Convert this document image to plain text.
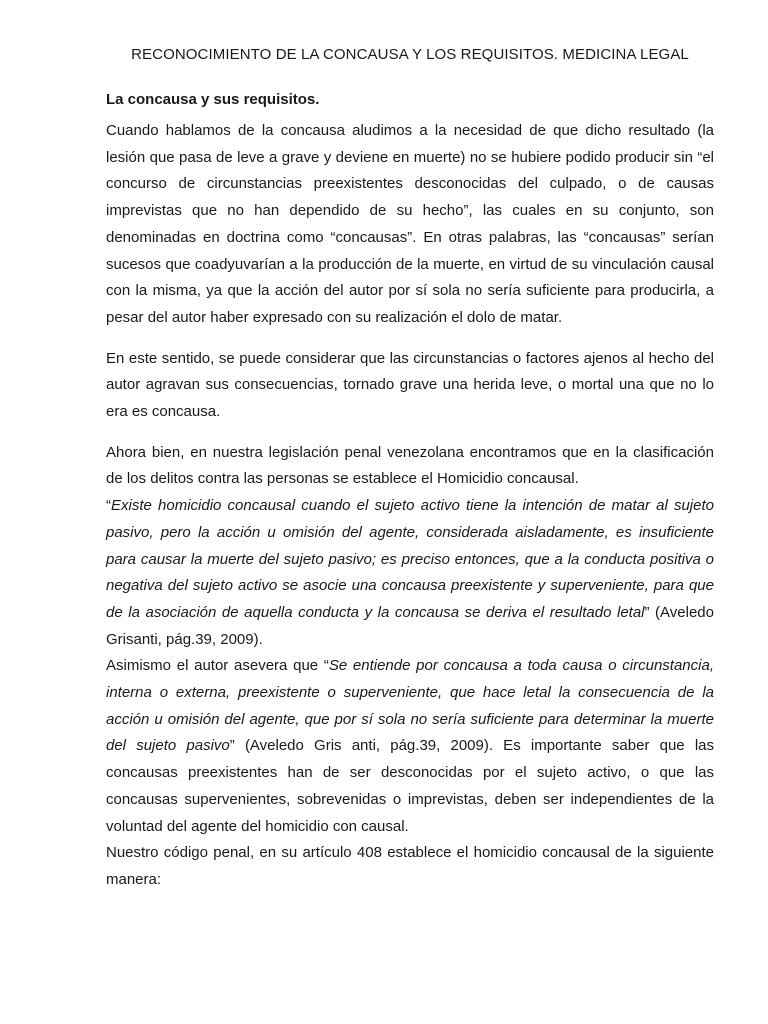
RECONOCIMIENTO DE LA CONCAUSA Y LOS REQUISITOS. MEDICINA LEGAL
La concausa y sus requisitos.

Cuando hablamos de la concausa aludimos a la necesidad de que dicho resultado (la lesión que pasa de leve a grave y deviene en muerte) no se hubiere podido producir sin “el concurso de circunstancias preexistentes desconocidas del culpado, o de causas imprevistas que no han dependido de su hecho”, las cuales en su conjunto, son denominadas en doctrina como “concausas”. En otras palabras, las “concausas” serían sucesos que coadyuvarían a la producción de la muerte, en virtud de su vinculación causal con la misma, ya que la acción del autor por sí sola no sería suficiente para producirla, a pesar del autor haber expresado con su realización el dolo de matar.

En este sentido, se puede considerar que las circunstancias o factores ajenos al hecho del autor agravan sus consecuencias, tornado grave una herida leve, o mortal una que no lo era es concausa.

Ahora bien, en nuestra legislación penal venezolana encontramos que en la clasificación de los delitos contra las personas se establece el Homicidio concausal.

“Existe homicidio concausal cuando el sujeto activo tiene la intención de matar al sujeto pasivo, pero la acción u omisión del agente, considerada aisladamente, es insuficiente para causar la muerte del sujeto pasivo; es preciso entonces, que a la conducta positiva o negativa del sujeto activo se asocie una concausa preexistente y superveniente, para que de la asociación de aquella conducta y la concausa se deriva el resultado letal” (Aveledo Grisanti, pág.39, 2009).

Asimismo el autor asevera que “Se entiende por concausa a toda causa o circunstancia, interna o externa, preexistente o superveniente, que hace letal la consecuencia de la acción u omisión del agente, que por sí sola no sería suficiente para determinar la muerte del sujeto pasivo” (Aveledo Gris anti, pág.39, 2009). Es importante saber que las concausas preexistentes han de ser desconocidas por el sujeto activo, o que las concausas supervenientes, sobrevenidas o imprevistas, deben ser independientes de la voluntad del agente del homicidio con causal.

Nuestro código penal, en su artículo 408 establece el homicidio concausal de la siguiente manera:
